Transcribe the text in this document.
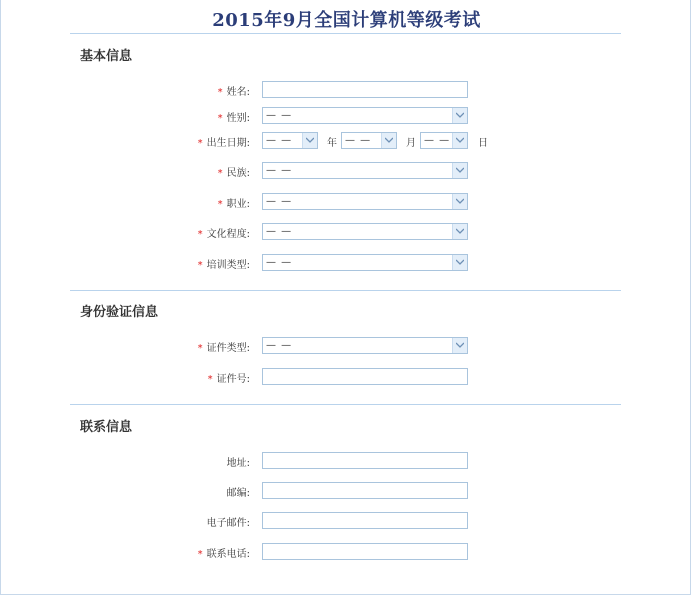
2015年9月全国计算机等级考试
基本信息
* 姓名:
* 性别: — —
* 出生日期: — —	年 — —	月 — —	日
* 民族: — —
* 职业: — —
* 文化程度: — —
* 培训类型: — —
身份验证信息
* 证件类型: — —
* 证件号:
联系信息
地址:
邮编:
电子邮件:
* 联系电话:
